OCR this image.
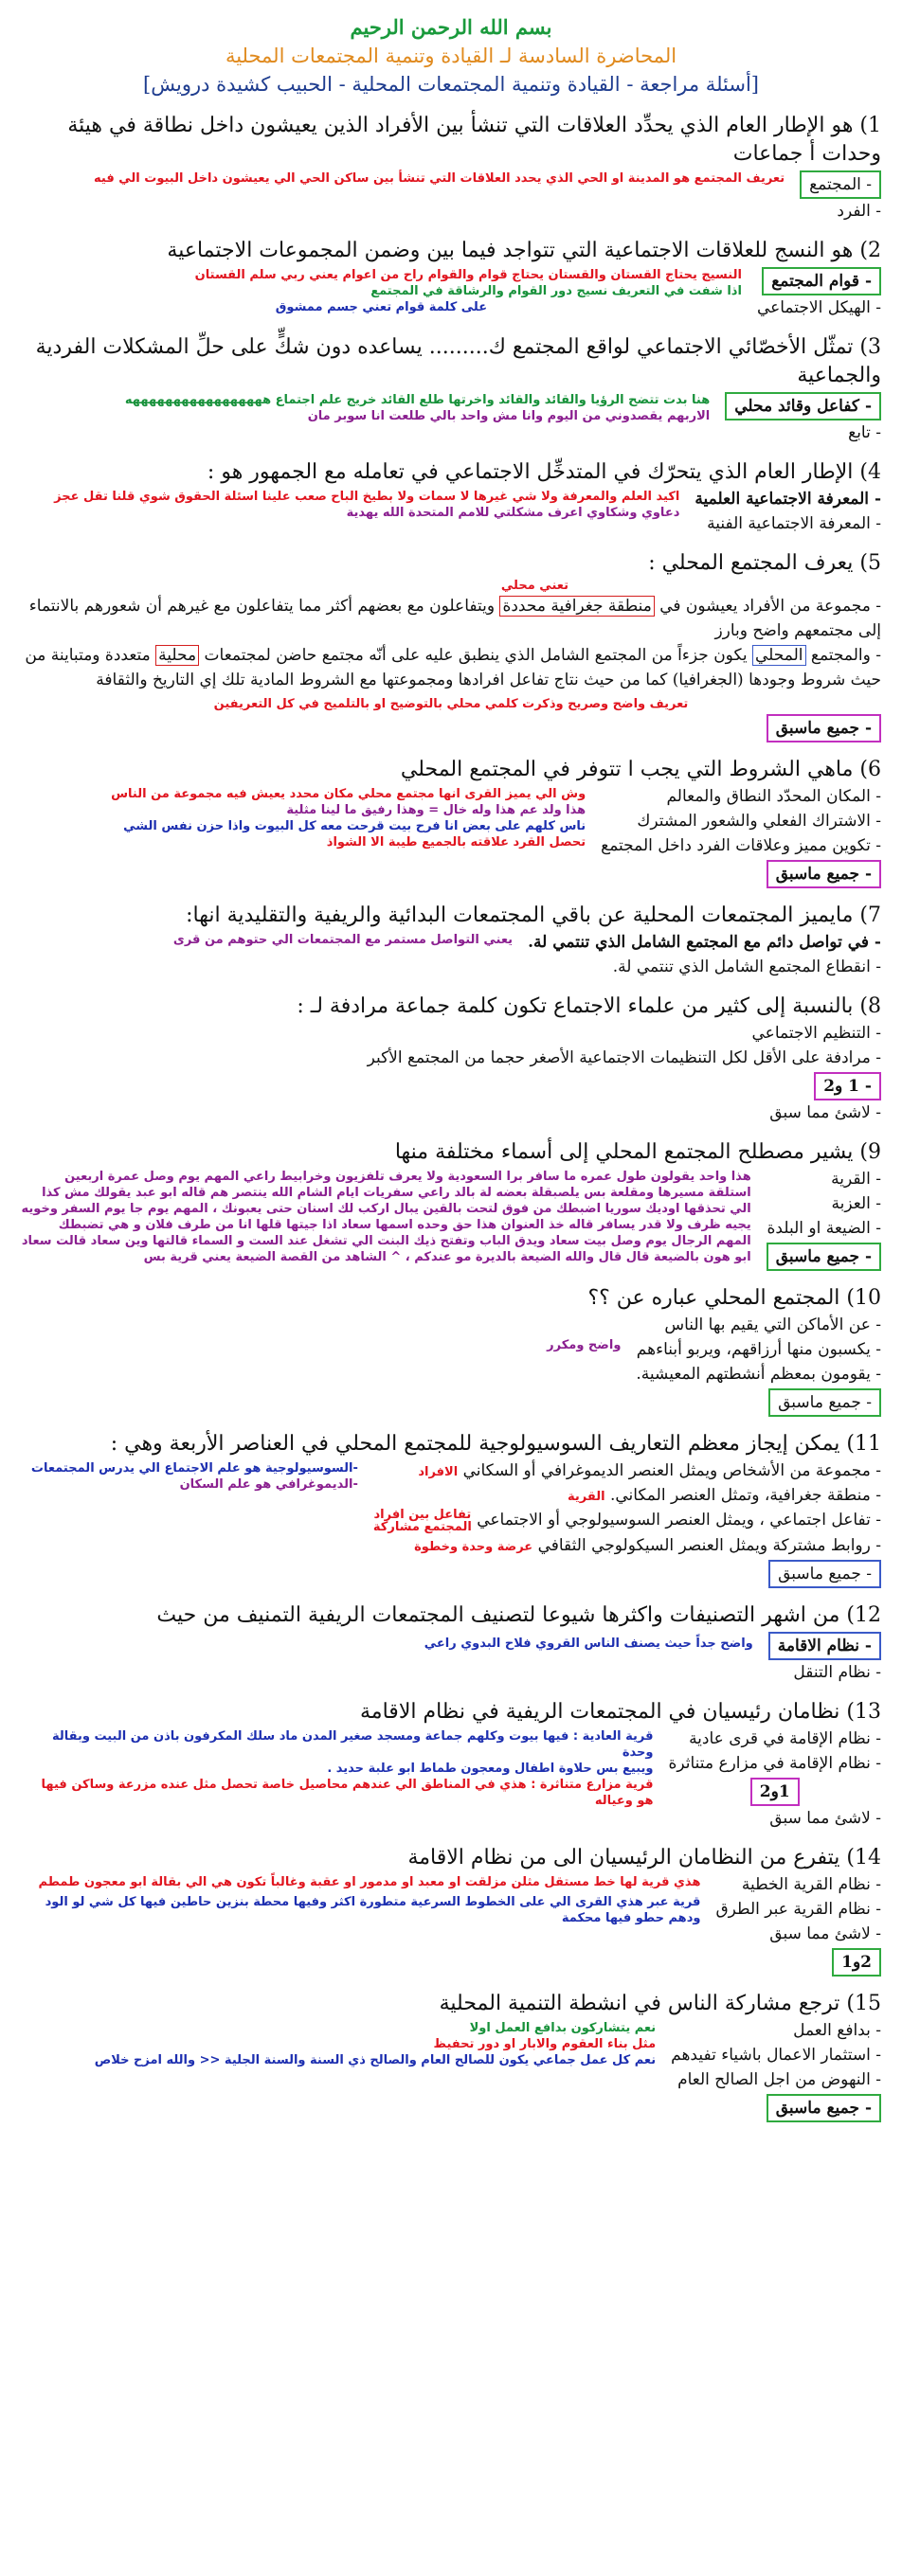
بسم الله الرحمن الرحيم
المحاضرة السادسة لـ القيادة وتنمية المجتمعات المحلية
[أسئلة مراجعة - القيادة وتنمية المجتمعات المحلية - الحبيب كشيدة درويش]

1) هو الإطار العام الذي يحدِّد العلاقات التي تنشأ بين الأفراد الذين يعيشون داخل نطاقة في هيئة وحدات أ جماعات

- المجتمع
- الفرد
تعريف المجتمع هو المدينة او الحي الذي يحدد العلاقات التي تنشأ بين ساكن الحي الي يعيشون داخل البيوت الي فيه

2) هو النسج للعلاقات الاجتماعية التي تتواجد فيما بين وضمن المجموعات الاجتماعية

- قوام المجتمع
- الهيكل الاجتماعي
النسيج يحتاج القستان والقستان يحتاج قوام والقوام راح من اعوام يعني ربي سلم القستان
اذا شفت في التعريف نسيج دور القوام والرشاقة في المجتمع
على كلمة قوام تعني جسم ممشوق

3) تمثّل الأخصّائي الاجتماعي لواقع المجتمع ك......... يساعده دون شكٍّ على حلِّ المشكلات الفردية والجماعية

- كفاعل وقائد محلي
- تابع
هنا بدت تتضح الرؤيا والقائد والقائد واخرتها طلع القائد خريج علم اجتماع هههههههههههههههههه
الاربهم يقصدوني من اليوم وانا مش واحد بالي طلعت انا سوبر مان

4) الإطار العام الذي يتحرّك في المتدخِّل الاجتماعي في تعامله مع الجمهور هو :

- المعرفة الاجتماعية العلمية
- المعرفة الاجتماعية الفنية
اكيد العلم والمعرفة ولا شي غيرها لا سمات ولا بطيخ الباح صعب علينا اسئلة الحقوق شوي قلنا تقل عجز
دعاوي وشكاوي اعرف مشكلتي للامم المتحدة الله يهدية

5) يعرف المجتمع المحلي :

تعني محلي
- مجموعة من الأفراد يعيشون في منطقة جغرافية محددة ويتفاعلون مع بعضهم أكثر مما يتفاعلون مع غيرهم أن شعورهم بالانتماء إلى مجتمعهم واضح وبارز
- والمجتمع المحلي يكون جزءاً من المجتمع الشامل الذي ينطبق عليه على أنّه مجتمع حاضن لمجتمعات محلية متعددة ومتباينة من حيث شروط وجودها (الجغرافيا) كما من حيث نتاج تفاعل افرادها ومجموعتها مع الشروط المادية تلك إي التاريخ والثقافة
تعريف واضح وصريح وذكرت كلمي محلي بالتوضيح او بالتلميح في كل التعريفين
- جميع ماسبق

6) ماهي الشروط التي يجب ا تتوفر في المجتمع المحلي

- المكان المحدّد النطاق والمعالم
- الاشتراك الفعلي والشعور المشترك
- تكوين مميز وعلاقات الفرد داخل المجتمع
- جميع ماسبق
وش الي يميز القرى انها مجتمع محلي مكان محدد يعيش فيه مجموعة من الناس
هذا ولد عم هذا وله خال = وهذا رفيق ما لينا مثلية
ناس كلهم على بعض انا فرح بيت قرحت معه كل البيوت واذا حزن نفس الشي
تحصل القرد علاقته بالجميع طيبة الا الشواذ

7) مايميز المجتمعات المحلية عن باقي المجتمعات البدائية والريفية والتقليدية انها:

- في تواصل دائم مع المجتمع الشامل الذي تنتمي لة.
- انقطاع المجتمع الشامل الذي تنتمي لة.
يعني التواصل مستمر مع المجتمعات الي حتوهم من قرى

8) بالنسبة إلى كثير من علماء الاجتماع تكون كلمة جماعة مرادفة لـ :

- التنظيم الاجتماعي
- مرادفة على الأقل لكل التنظيمات الاجتماعية الأصغر حجما من المجتمع الأكبر
- 1 و2
- لاشئ مما سبق

9) يشير مصطلح المجتمع المحلي إلى أسماء مختلفة منها

- القرية
- العزبة
- الضيعة او البلدة
- جميع ماسبق
هذا واحد يقولون طول عمره ما سافر برا السعودية ولا يعرف تلفزيون وخرابيط راعي المهم يوم وصل عمرة اربعين استلقة مسيرها ومقلعة بس يلصبقلة بعضه لة بالد راعي سفريات ايام الشام الله ينتصر هم قاله ابو عبد يقولك مش كذا الي تحذقها اوديك سوريا اضبطك من فوق لتحت بالقين يبال اركب لك اسنان حتى يعبونك ، المهم يوم جا يوم السفر وخويه يجيه ظرف ولا قدر يسافر قاله خذ العنوان هذا حق وحده اسمها سعاد اذا جيتها قلها انا من طرف فلان و هي تضبطك المهم الرجال يوم وصل بيت سعاد ويدق الباب وتفتح ذيك البنت الي تشغل عند الست و السماء قالتها وين سعاد قالت سعاد ابو هون بالضيعة قال قال والله الضيعة بالديرة مو عندكم ، ^ الشاهد من القصة الضيعة يعني قرية بس

10) المجتمع المحلي عباره عن ؟؟

- عن الأماكن التي يقيم بها الناس
- يكسبون منها أرزاقهم، ويربو أبناءهم
- يقومون بمعظم أنشطتهم المعيشية.
- جميع ماسبق
واضح ومكرر

11) يمكن إيجاز معظم التعاريف السوسيولوجية للمجتمع المحلي في العناصر الأربعة وهي :

- مجموعة من الأشخاص ويمثل العنصر الديموغرافي أو السكاني الافراد
- منطقة جغرافية، وتمثل العنصر المكاني. القرية
- تفاعل اجتماعي ، ويمثل العنصر السوسيولوجي أو الاجتماعي تفاعل بين افراد
المجتمع مشاركة
- روابط مشتركة ويمثل العنصر السيكولوجي الثقافي عرضة وحدة وخطوة
- جميع ماسبق
-السوسيولوجية هو علم الاجتماع الي يدرس المجتمعات
-الديموغرافي هو علم السكان

12) من اشهر التصنيفات واكثرها شيوعا لتصنيف المجتمعات الريفية التمنيف من حيث

- نظام الاقامة
- نظام التنقل
واضح جداً حيث يصنف الناس القروي فلاح البدوي راعي

13) نظامان رئيسيان في المجتمعات الريفية في نظام الاقامة

- نظام الإقامة في قرى عادية
- نظام الإقامة في مزارع متناثرة
1و2
- لاشئ مما سبق
قرية العادية : فيها بيوت وكلهم جماعة ومسجد صغير المدن ماد سلك المكرفون باذن من البيت وبقالة وحدة
ويبيع بس حلاوة اطفال ومعجون طماط ابو علبة حديد .
قرية مزارع متناثرة : هذي في المناطق الي عندهم محاصيل خاصة تحصل مثل عنده مزرعة وساكن فيها هو وعياله

14) يتفرع من النظامان الرئيسيان الى من نظام الاقامة

- نظام القرية الخطية
- نظام القرية عبر الطرق
- لاشئ مما سبق
2و1
هذي قرية لها خط مستقل مثلن مزلقت او معبد او مدمور او عقبة وغالباً تكون هي الي بقالة ابو معجون طمطم
قرية عبر هذي القرى الي على الخطوط السرعية متطورة اكثر وفيها محطة بنزين حاطين فيها كل شي لو الود ودهم حطو فيها محكمة

15) ترجع مشاركة الناس في انشطة التنمية المحلية

- بدافع العمل
- استثمار الاعمال باشياء تفيدهم
- النهوض من اجل الصالح العام
- جميع ماسبق
نعم يتشاركون بدافع العمل اولا
مثل بناء العقوم والابار او دور تحفيظ
نعم كل عمل جماعي يكون للصالح العام والصالح ذي السنة والسنة الجلية << والله امزح خلاص
